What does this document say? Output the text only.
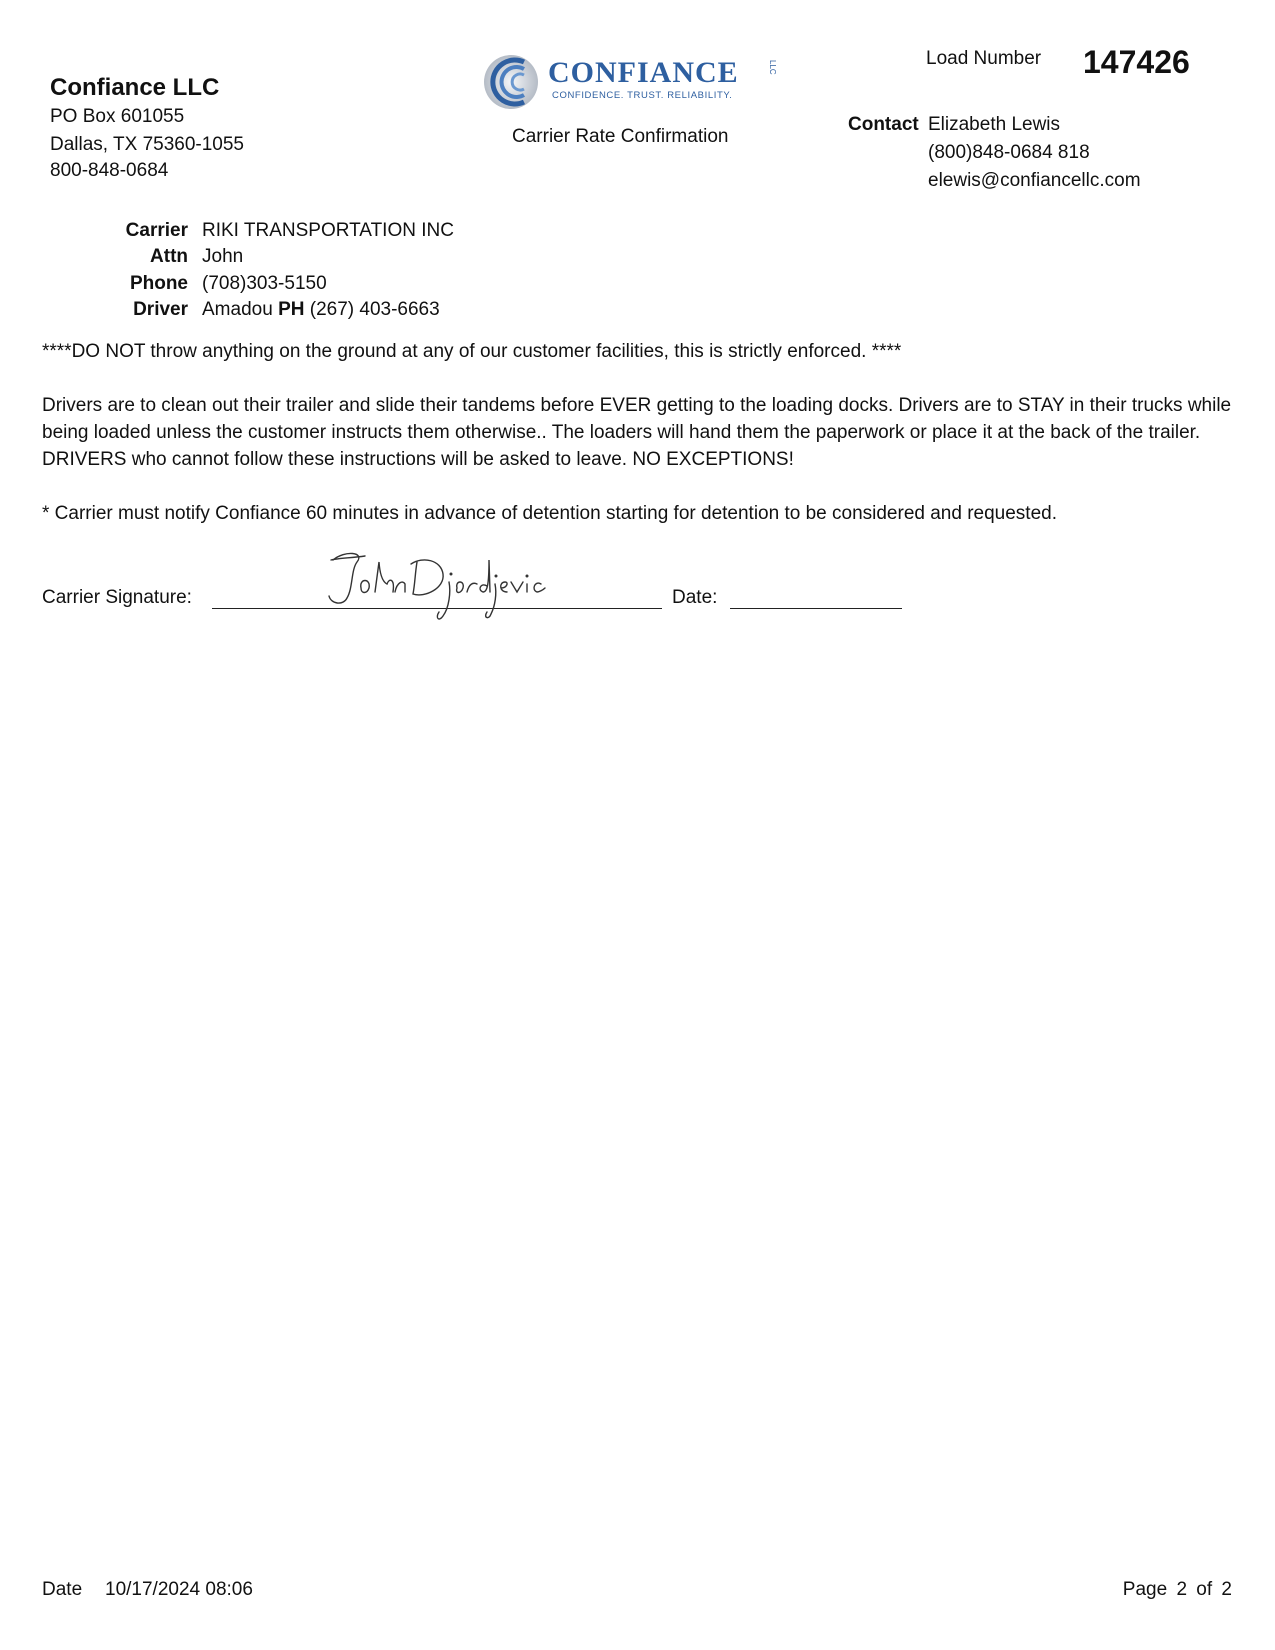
Confiance LLC
PO Box 601055
Dallas, TX 75360-1055
800-848-0684
CONFIANCE	LLC
CONFIDENCE. TRUST. RELIABILITY.
Carrier Rate Confirmation
Load Number 147426
Contact Elizabeth Lewis
(800)848-0684 818
elewis@confiancellc.com
Carrier RIKI TRANSPORTATION INC
Attn John
Phone (708)303-5150
Driver Amadou PH (267) 403-6663
****DO NOT throw anything on the ground at any of our customer facilities, this is strictly enforced. ****
Drivers are to clean out their trailer and slide their tandems before EVER getting to the loading docks. Drivers are to STAY in their trucks while being loaded unless the customer instructs them otherwise.. The loaders will hand them the paperwork or place it at the back of the trailer. DRIVERS who cannot follow these instructions will be asked to leave. NO EXCEPTIONS!
* Carrier must notify Confiance 60 minutes in advance of detention starting for detention to be considered and requested.
Carrier Signature:	Date:
Date 10/17/2024 08:06	Page 2 of 2
